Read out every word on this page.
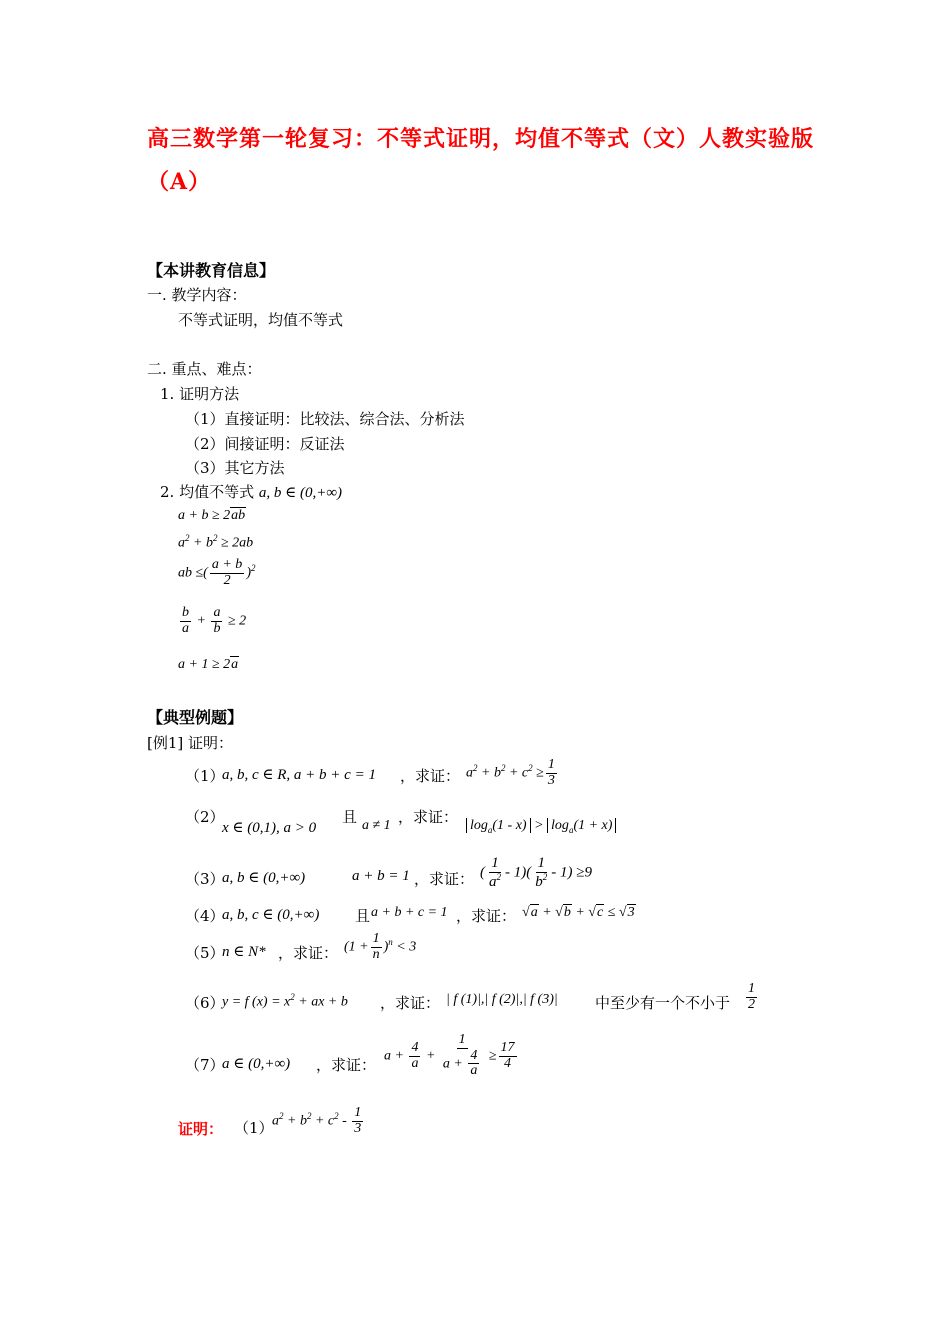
高三数学第一轮复习：不等式证明，均值不等式（文）人教实验版
（A）
【本讲教育信息】
一. 教学内容：
不等式证明，均值不等式
二. 重点、难点：
1. 证明方法
（1）直接证明：比较法、综合法、分析法
（2）间接证明：反证法
（3）其它方法
2. 均值不等式 a, b ∈ (0,+∞)
a + b ≥ 2ab
$a^2 + b^2 \ge 2ab$
ab ≤( $\frac{a + b}{2} )^2$
$\frac{b}{a} + \frac{a}{b} \ge 2$
a + 1 ≥ 2a
【典型例题】
[例1] 证明：
（1）
a, b, c ∈ R, a + b + c = 1 ，求证： $a^2 + b^2 + c^2 \ge \frac{1}{3}$
（2）
x ∈ (0,1), a > 0
且 a ≠ 1 ，求证： $\log_a(1 - x) > \log_a(1 + x)$
（3）
a, b ∈ (0,+∞)	a + b = 1 ，求证： ( $\frac{1}{a^2} - 1)( \frac{1}{b^2} - 1) \ge 9$
（4）
a, b, c ∈ (0,+∞) 且 a + b + c = 1 ，求证： √a + √b + √c ≤ √3
（5）
n ∈ N* ，求证： $(1 + \frac{1}{n} )^n < 3$
（6）
y = f $(x) = x^2$ + ax + b ，求证： | f (1)|,| f (2)|,| f (3)| 中至少有一个不小于 $\frac{1}{2}$
（7）
a ∈ (0,+∞) ，求证：
$a + \frac{4}{a} + \frac{1}{a + \frac{4}{a}} \ge \frac{17}{4}$
证明： （1）
$a^2 + b^2 + c^2 - \frac{1}{3}$
